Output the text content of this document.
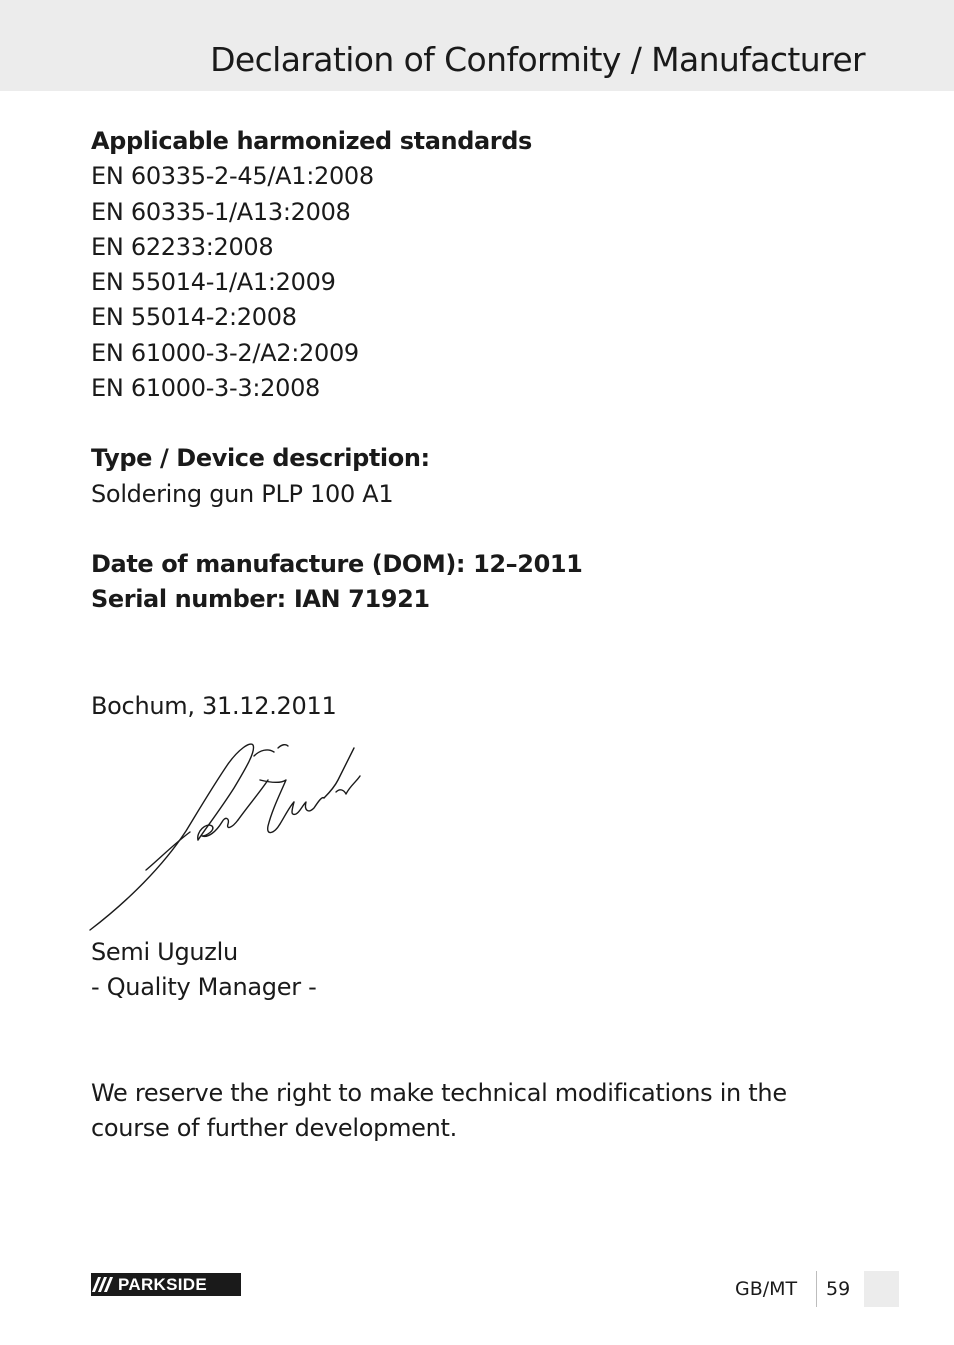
Declaration of Conformity / Manufacturer
Applicable harmonized standards
EN 60335-2-45/A1:2008
EN 60335-1/A13:2008
EN 62233:2008
EN 55014-1/A1:2009
EN 55014-2:2008
EN 61000-3-2/A2:2009
EN 61000-3-3:2008
Type / Device description:
Soldering gun PLP 100 A1
Date of manufacture (DOM): 12–2011
Serial number: IAN 71921
Bochum, 31.12.2011
Semi Uguzlu
- Quality Manager -
We reserve the right to make technical modifications in the course of further development.
PARKSIDE	GB/MT 59
